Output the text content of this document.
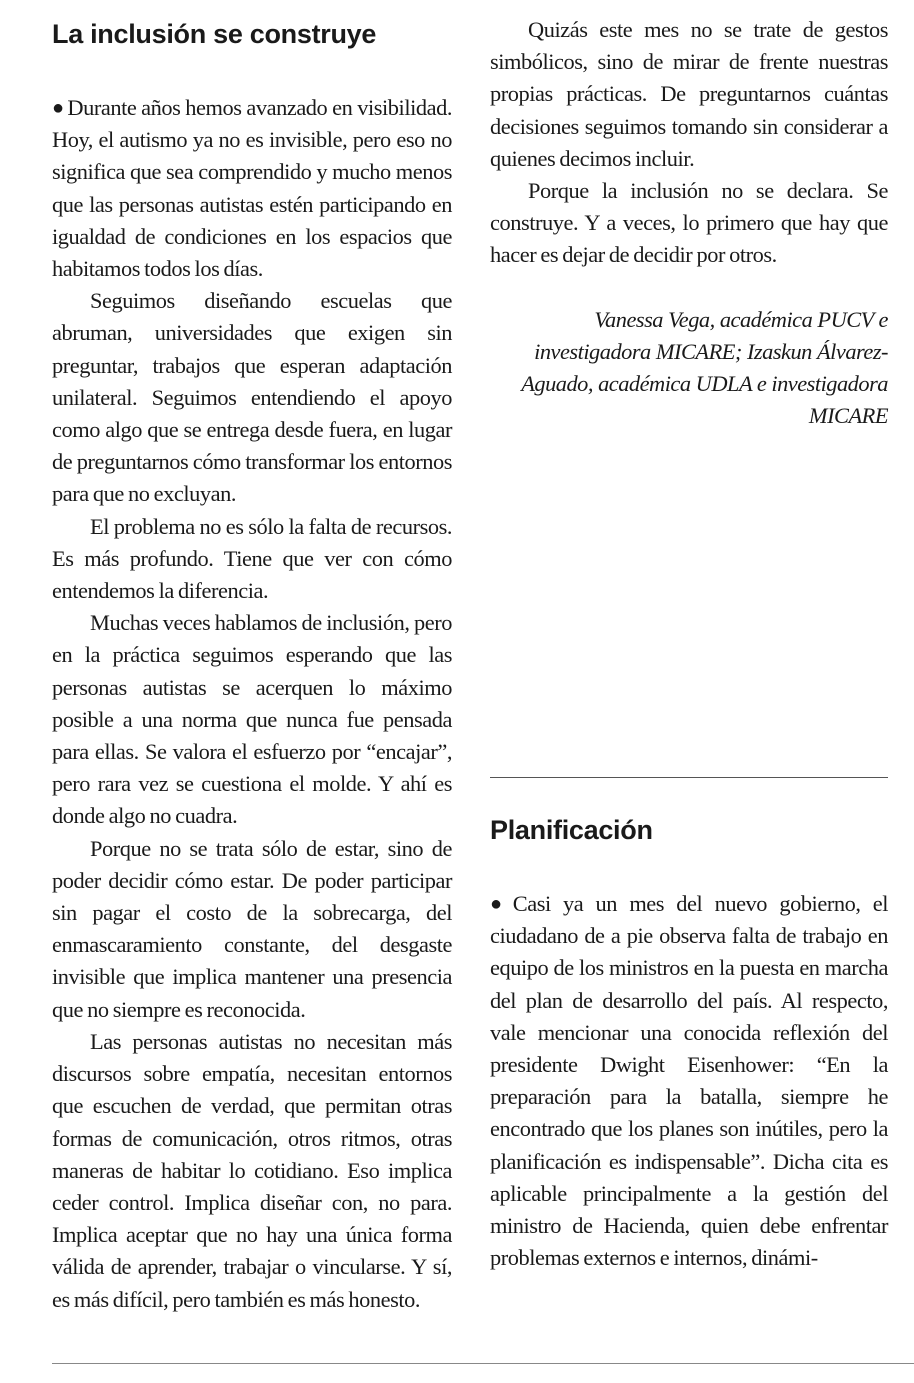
La inclusión se construye

● Durante años hemos avanzado en visibilidad. Hoy, el autismo ya no es invisible, pero eso no significa que sea comprendido y mucho menos que las personas autistas estén participando en igualdad de condiciones en los espacios que habitamos todos los días.

Seguimos diseñando escuelas que abruman, universidades que exigen sin preguntar, trabajos que esperan adaptación unilateral. Seguimos entendiendo el apoyo como algo que se entrega desde fuera, en lugar de preguntarnos cómo transformar los entornos para que no excluyan.

El problema no es sólo la falta de recursos. Es más profundo. Tiene que ver con cómo entendemos la diferencia.

Muchas veces hablamos de inclusión, pero en la práctica seguimos esperando que las personas autistas se acerquen lo máximo posible a una norma que nunca fue pensada para ellas. Se valora el esfuerzo por “encajar”, pero rara vez se cuestiona el molde. Y ahí es donde algo no cuadra.

Porque no se trata sólo de estar, sino de poder decidir cómo estar. De poder participar sin pagar el costo de la sobrecarga, del enmascaramiento constante, del desgaste invisible que implica mantener una presencia que no siempre es reconocida.

Las personas autistas no necesitan más discursos sobre empatía, necesitan entornos que escuchen de verdad, que permitan otras formas de comunicación, otros ritmos, otras maneras de habitar lo cotidiano. Eso implica ceder control. Implica diseñar con, no para. Implica aceptar que no hay una única forma válida de aprender, trabajar o vincularse. Y sí, es más difícil, pero también es más honesto.

Quizás este mes no se trate de gestos simbólicos, sino de mirar de frente nuestras propias prácticas. De preguntarnos cuántas decisiones seguimos tomando sin considerar a quienes decimos incluir.

Porque la inclusión no se declara. Se construye. Y a veces, lo primero que hay que hacer es dejar de decidir por otros.

Vanessa Vega, académica PUCV e investigadora MICARE; Izaskun Álvarez-Aguado, académica UDLA e investigadora MICARE
Planificación

● Casi ya un mes del nuevo gobierno, el ciudadano de a pie observa falta de trabajo en equipo de los ministros en la puesta en marcha del plan de desarrollo del país. Al respecto, vale mencionar una conocida reflexión del presidente Dwight Eisenhower: “En la preparación para la batalla, siempre he encontrado que los planes son inútiles, pero la planificación es indispensable”. Dicha cita es aplicable principalmente a la gestión del ministro de Hacienda, quien debe enfrentar problemas externos e internos, dinámi-
